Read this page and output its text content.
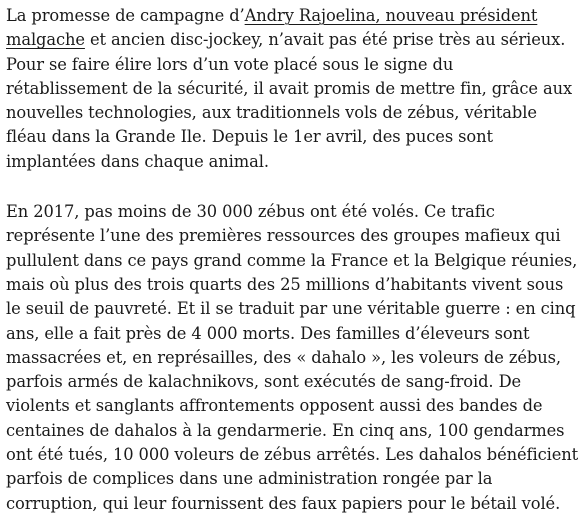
La promesse de campagne d’Andry Rajoelina, nouveau président malgache et ancien disc-jockey, n’avait pas été prise très au sérieux. Pour se faire élire lors d’un vote placé sous le signe du rétablissement de la sécurité, il avait promis de mettre fin, grâce aux nouvelles technologies, aux traditionnels vols de zébus, véritable fléau dans la Grande Ile. Depuis le 1er avril, des puces sont implantées dans chaque animal.

En 2017, pas moins de 30 000 zébus ont été volés. Ce trafic représente l’une des premières ressources des groupes mafieux qui pullulent dans ce pays grand comme la France et la Belgique réunies, mais où plus des trois quarts des 25 millions d’habitants vivent sous le seuil de pauvreté. Et il se traduit par une véritable guerre : en cinq ans, elle a fait près de 4 000 morts. Des familles d’éleveurs sont massacrées et, en représailles, des « dahalo », les voleurs de zébus, parfois armés de kalachnikovs, sont exécutés de sang-froid. De violents et sanglants affrontements opposent aussi des bandes de centaines de dahalos à la gendarmerie. En cinq ans, 100 gendarmes ont été tués, 10 000 voleurs de zébus arrêtés. Les dahalos bénéficient parfois de complices dans une administration rongée par la corruption, qui leur fournissent des faux papiers pour le bétail volé.
